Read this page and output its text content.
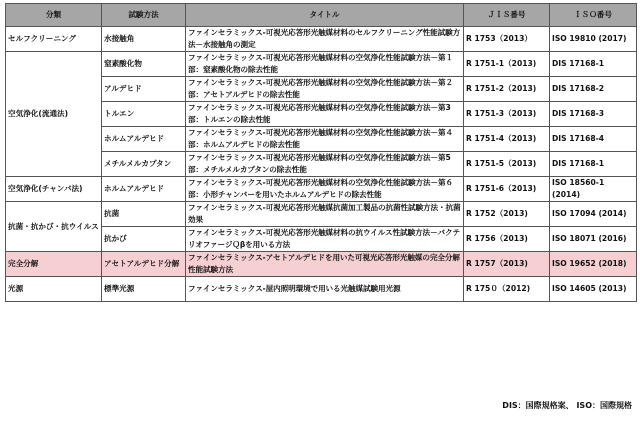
分類	試験方法	タイトル	ＪＩＳ番号	ＩＳＯ番号
セルフクリーニング	水接触角	ファインセラミックス-可視光応答形光触媒材料のセルフクリーニング性能試験方法－水接触角の測定	R 1753（2013）	ISO 19810 (2017)
空気浄化(流通法)	窒素酸化物	ファインセラミックス-可視光応答形光触媒材料の空気浄化性能試験方法－第１部：窒素酸化物の除去性能	R 1751-1（2013)	DIS 17168-1
	アルデヒド	ファインセラミックス-可視光応答形光触媒材料の空気浄化性能試験方法－第２部：アセトアルデヒドの除去性能	R 1751-2（2013)	DIS 17168-2
	トルエン	ファインセラミックス-可視光応答形光触媒材料の空気浄化性能試験方法－第3部：トルエンの除去性能	R 1751-3（2013)	DIS 17168-3
	ホルムアルデヒド	ファインセラミックス-可視光応答形光触媒材料の空気浄化性能試験方法－第４部：ホルムアルデヒドの除去性能	R 1751-4（2013)	DIS 17168-4
	メチルメルカプタン	ファインセラミックス-可視光応答形光触媒材料の空気浄化性能試験方法－第5部：メチルメルカプタンの除去性能	R 1751-5（2013)	DIS 17168-1
空気浄化(チャンバ法)	ホルムアルデヒド	ファインセラミックス-可視光応答形光触媒材料の空気浄化性能試験方法－第６部：小形チャンバーを用いたホルムアルデヒドの除去性能	R 1751-6（2013)	ISO 18560-1 (2014)
抗菌・抗かび・抗ウイルス	抗菌	ファインセラミックス-可視光応答形光触媒抗菌加工製品の抗菌性試験方法・抗菌効果	R 1752（2013)	ISO 17094 (2014)
	抗かび	ファインセラミックス-可視光応答形光触媒材料の抗ウイルス性試験方法－バクテリオファージＱβを用いる方法	R 1756（2013)	ISO 18071 (2016)
完全分解	アセトアルデヒド分解	ファインセラミックス-アセトアルデヒドを用いた可視光応答形光触媒の完全分解性能試験方法	R 1757（2013)	ISO 19652 (2018)
光源	標準光源	ファインセラミックス-屋内照明環境で用いる光触媒試験用光源	R 175０（2012)	ISO 14605 (2013)
DIS：国際規格案、 ISO：国際規格
